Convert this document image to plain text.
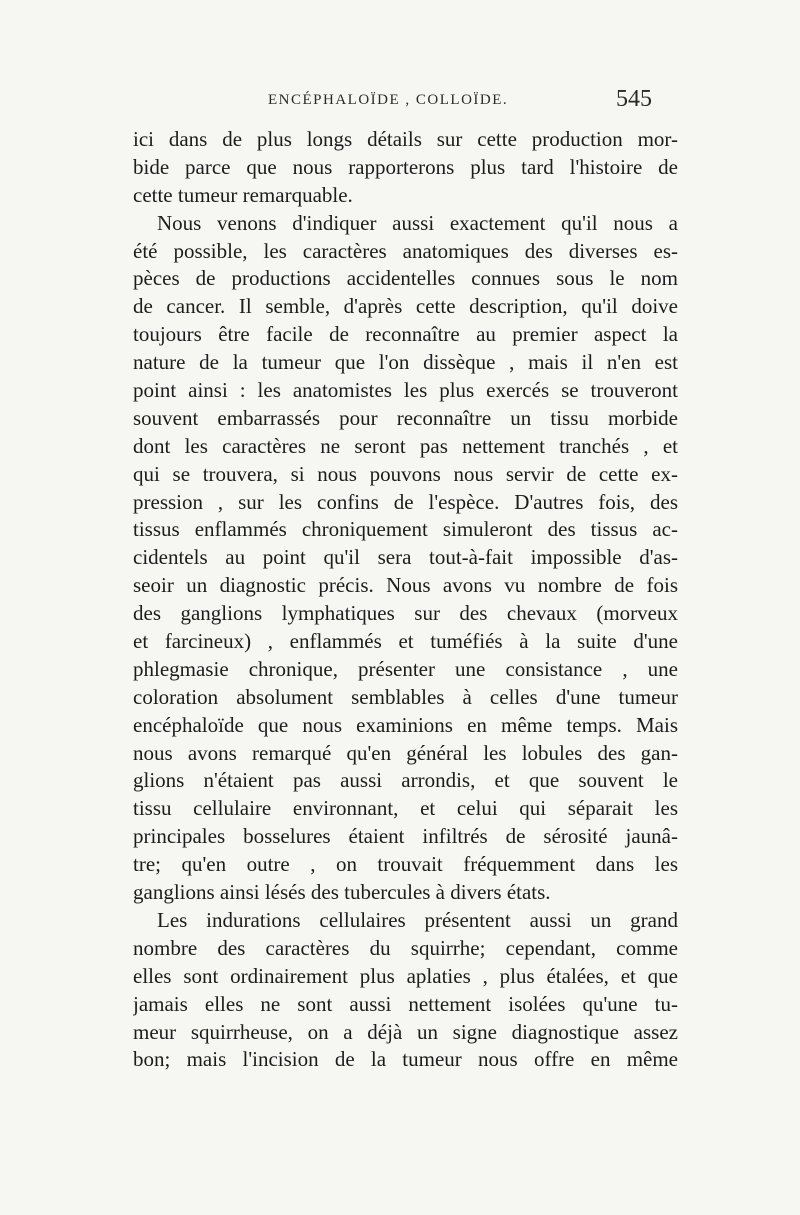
ENCÉPHALOÏDE , COLLOÏDE.	545
ici dans de plus longs détails sur cette production mor-
bide parce que nous rapporterons plus tard l'histoire de
cette tumeur remarquable.
Nous venons d'indiquer aussi exactement qu'il nous a
été possible, les caractères anatomiques des diverses es-
pèces de productions accidentelles connues sous le nom
de cancer. Il semble, d'après cette description, qu'il doive
toujours être facile de reconnaître au premier aspect la
nature de la tumeur que l'on dissèque , mais il n'en est
point ainsi : les anatomistes les plus exercés se trouveront
souvent embarrassés pour reconnaître un tissu morbide
dont les caractères ne seront pas nettement tranchés , et
qui se trouvera, si nous pouvons nous servir de cette ex-
pression , sur les confins de l'espèce. D'autres fois, des
tissus enflammés chroniquement simuleront des tissus ac-
cidentels au point qu'il sera tout-à-fait impossible d'as-
seoir un diagnostic précis. Nous avons vu nombre de fois
des ganglions lymphatiques sur des chevaux (morveux
et farcineux) , enflammés et tuméfiés à la suite d'une
phlegmasie chronique, présenter une consistance , une
coloration absolument semblables à celles d'une tumeur
encéphaloïde que nous examinions en même temps. Mais
nous avons remarqué qu'en général les lobules des gan-
glions n'étaient pas aussi arrondis, et que souvent le
tissu cellulaire environnant, et celui qui séparait les
principales bosselures étaient infiltrés de sérosité jaunâ-
tre; qu'en outre , on trouvait fréquemment dans les
ganglions ainsi lésés des tubercules à divers états.
Les indurations cellulaires présentent aussi un grand
nombre des caractères du squirrhe; cependant, comme
elles sont ordinairement plus aplaties , plus étalées, et que
jamais elles ne sont aussi nettement isolées qu'une tu-
meur squirrheuse, on a déjà un signe diagnostique assez
bon; mais l'incision de la tumeur nous offre en même
